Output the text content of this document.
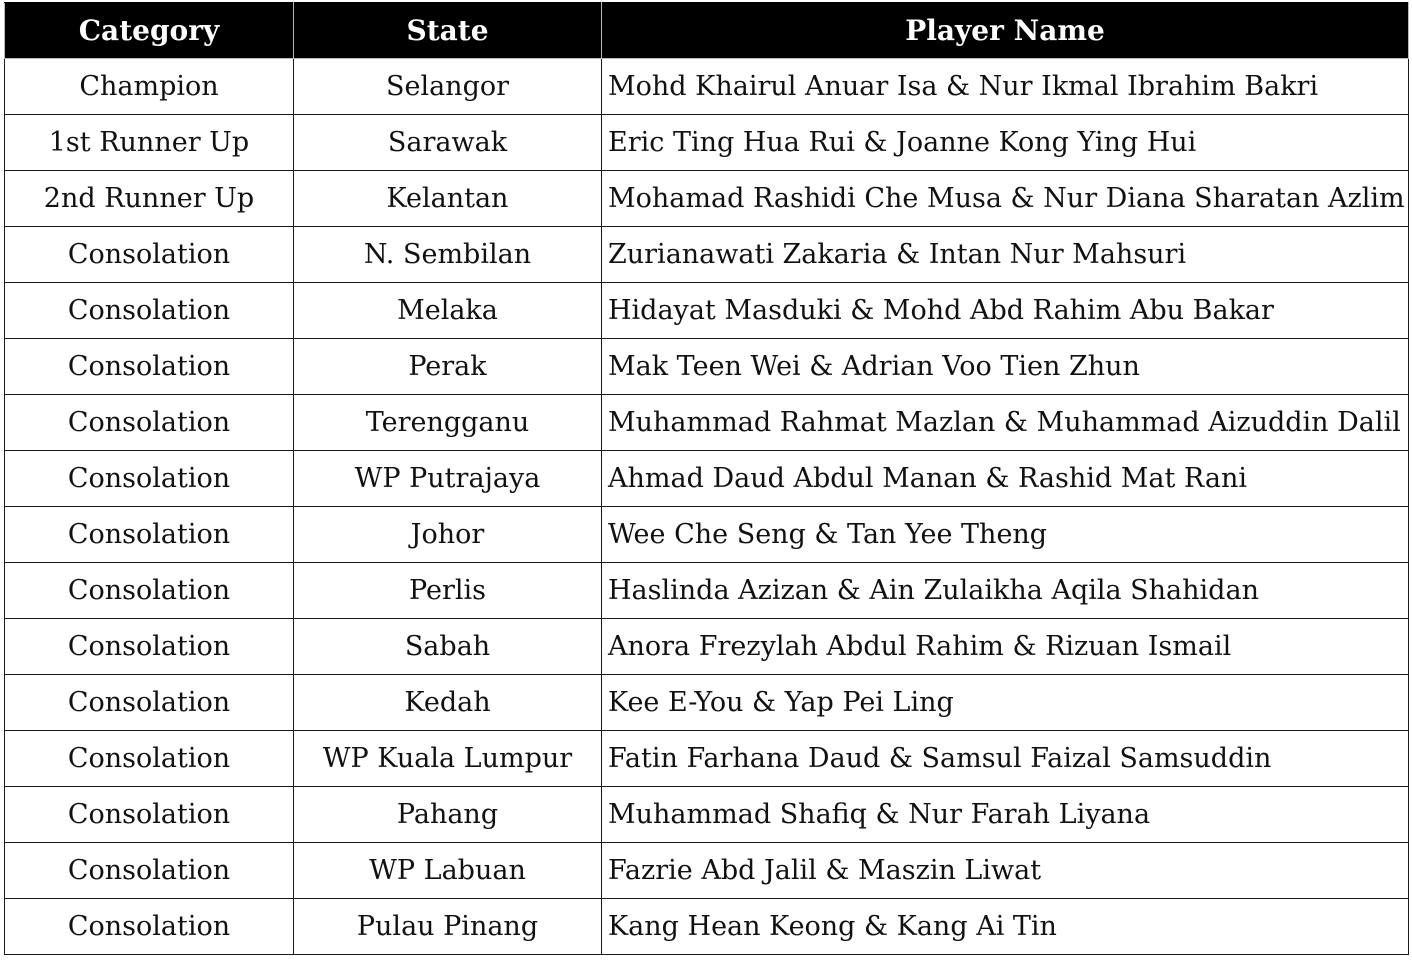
Category	State	Player Name
Champion	Selangor	Mohd Khairul Anuar Isa & Nur Ikmal Ibrahim Bakri
1st Runner Up	Sarawak	Eric Ting Hua Rui & Joanne Kong Ying Hui
2nd Runner Up	Kelantan	Mohamad Rashidi Che Musa & Nur Diana Sharatan Azlim
Consolation	N. Sembilan	Zurianawati Zakaria & Intan Nur Mahsuri
Consolation	Melaka	Hidayat Masduki & Mohd Abd Rahim Abu Bakar
Consolation	Perak	Mak Teen Wei & Adrian Voo Tien Zhun
Consolation	Terengganu	Muhammad Rahmat Mazlan & Muhammad Aizuddin Dalil
Consolation	WP Putrajaya	Ahmad Daud Abdul Manan & Rashid Mat Rani
Consolation	Johor	Wee Che Seng & Tan Yee Theng
Consolation	Perlis	Haslinda Azizan & Ain Zulaikha Aqila Shahidan
Consolation	Sabah	Anora Frezylah Abdul Rahim & Rizuan Ismail
Consolation	Kedah	Kee E-You & Yap Pei Ling
Consolation	WP Kuala Lumpur	Fatin Farhana Daud & Samsul Faizal Samsuddin
Consolation	Pahang	Muhammad Shafiq & Nur Farah Liyana
Consolation	WP Labuan	Fazrie Abd Jalil & Maszin Liwat
Consolation	Pulau Pinang	Kang Hean Keong & Kang Ai Tin
